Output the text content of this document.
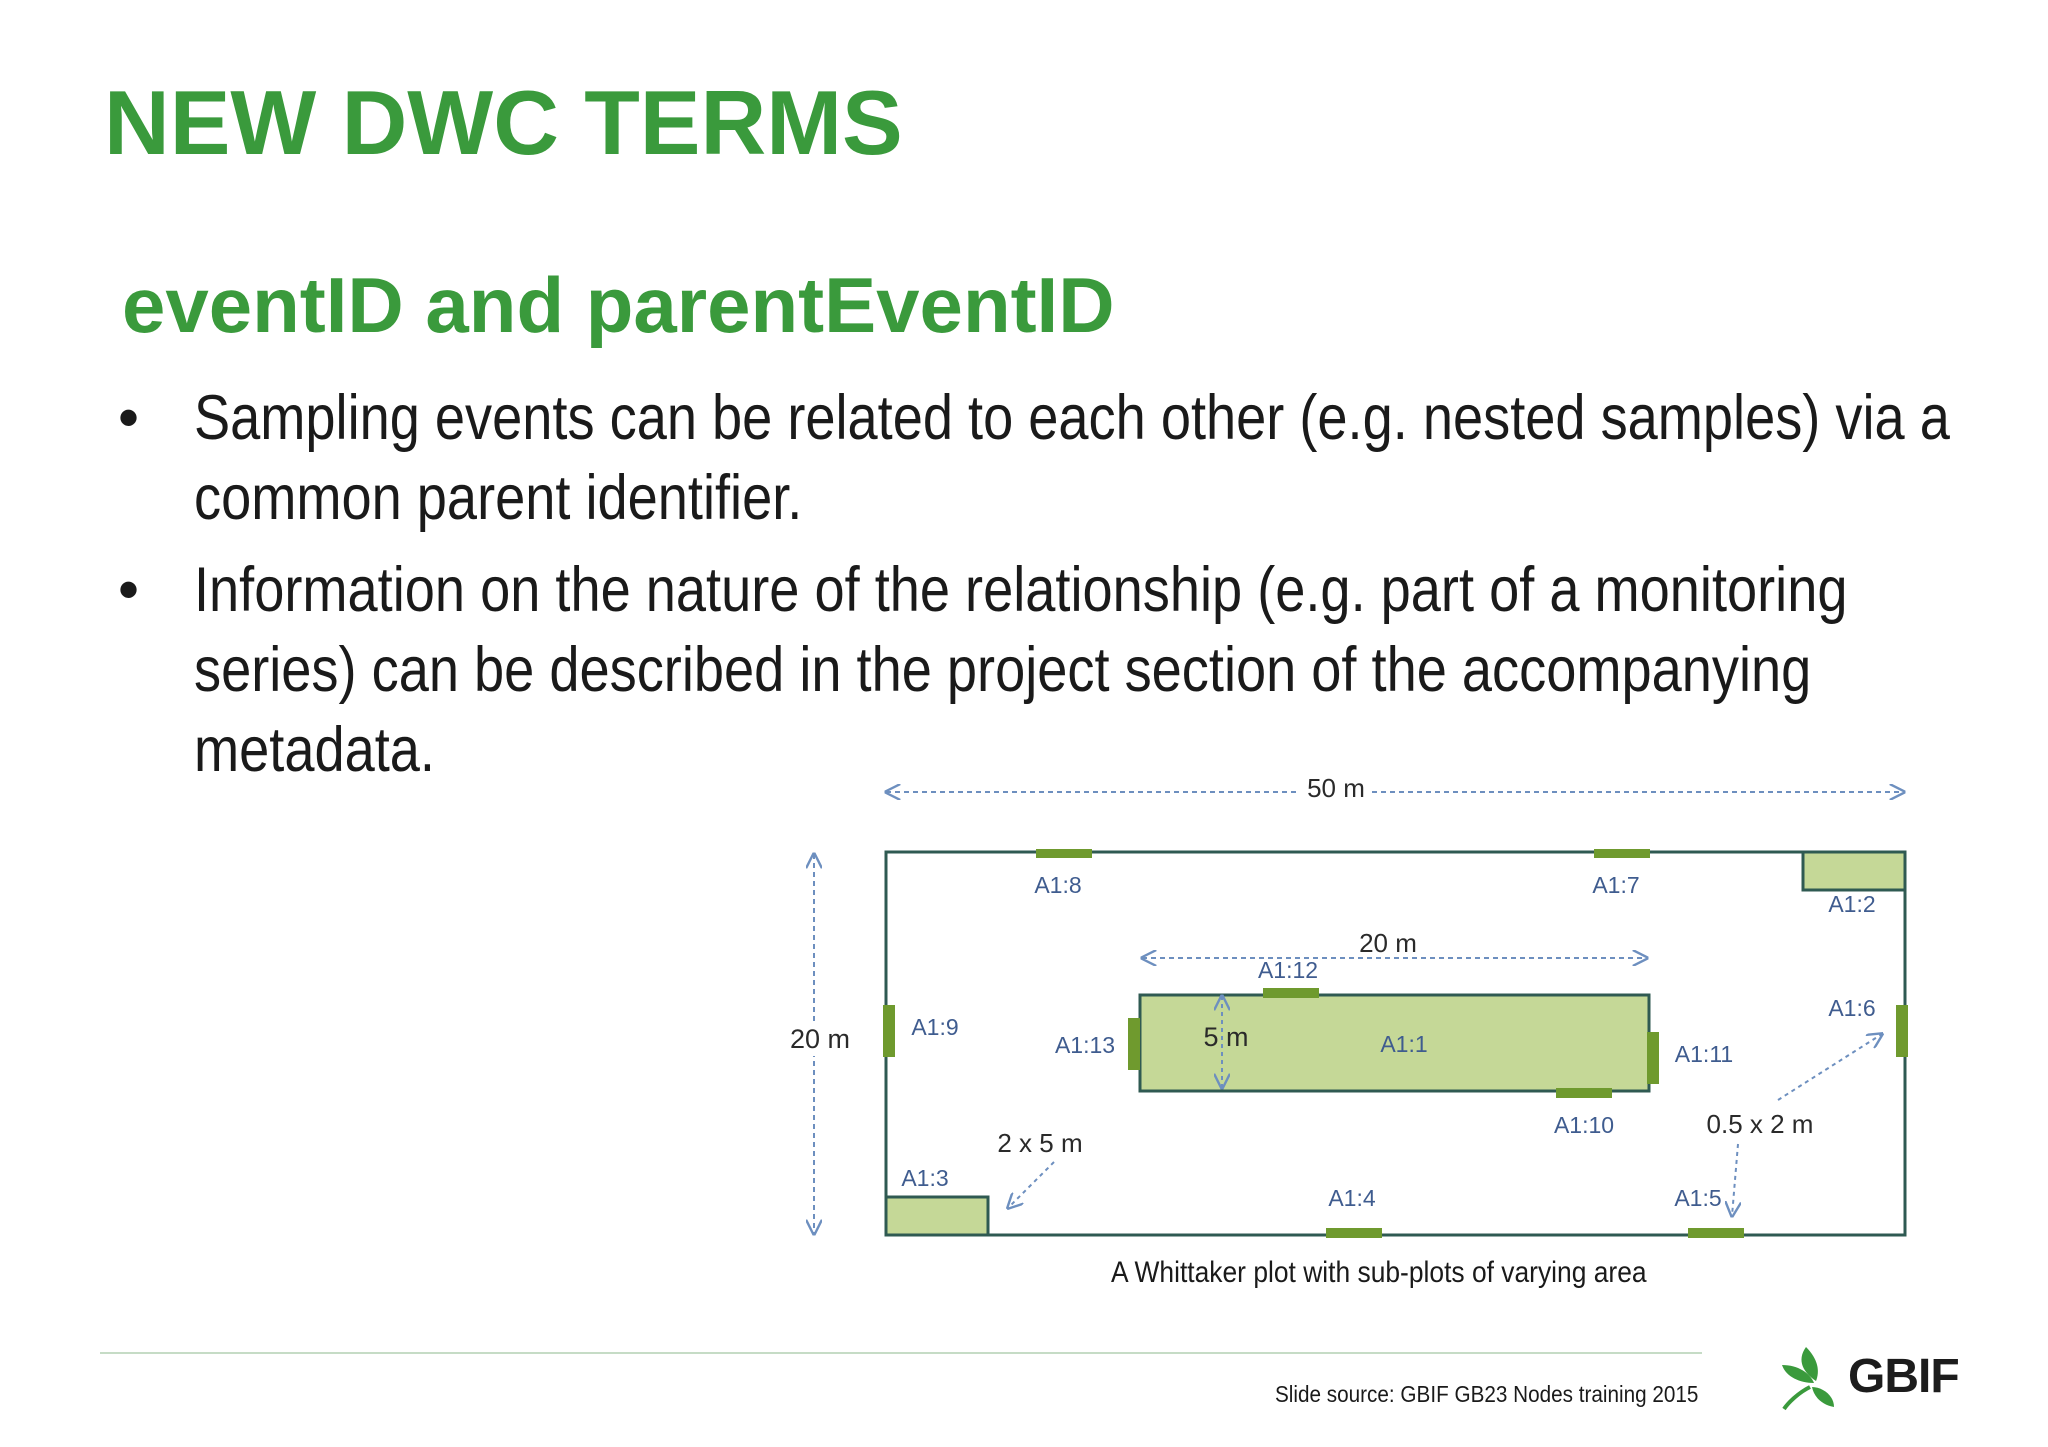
NEW DWC TERMS
eventID and parentEventID
• Sampling events can be related to each other (e.g. nested samples) via a common parent identifier.
• Information on the nature of the relationship (e.g. part of a monitoring series) can be described in the project section of the accompanying metadata.
50 m
20 m
20 m
5 m
2 x 5 m
0.5 x 2 m
A1:8	A1:7
A1:2
A1:12
A1:9
A1:6
A1:13	A1:1	A1:11
A1:10
A1:3
A1:4	A1:5
A Whittaker plot with sub-plots of varying area
Slide source: GBIF GB23 Nodes training 2015	GBIF
